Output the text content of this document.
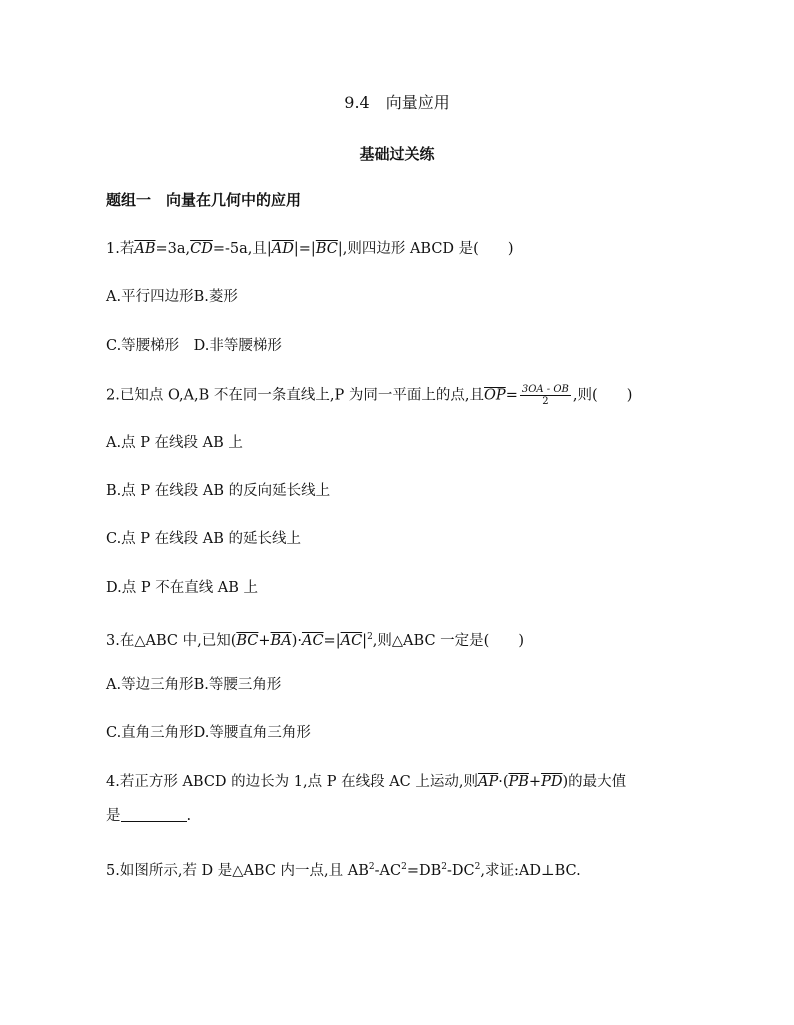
9.4　向量应用
基础过关练
题组一　向量在几何中的应用
1.若$\overline{AB}=3a,\overline{CD}=-5a$,且$|\overline{AD}|=|\overline{BC}|$,则四边形 ABCD 是(　　)
A.平行四边形B.菱形
C.等腰梯形　D.非等腰梯形
2.已知点 O,A,B 不在同一条直线上,P 为同一平面上的点,且$\overline{OP}= \frac{3OA - OB}{2}$ ,则(　　)
A.点 P 在线段 AB 上
B.点 P 在线段 AB 的反向延长线上
C.点 P 在线段 AB 的延长线上
D.点 P 不在直线 AB 上
3.在△ABC 中,已知$(\overline{BC}+\overline{BA})\cdot\overline{AC}=|\overline{AC}|^2$,则△ABC 一定是(　　)
A.等边三角形B.等腰三角形
C.直角三角形D.等腰直角三角形
4.若正方形 ABCD 的边长为 1,点 P 在线段 AC 上运动,则$\overline{AP}\cdot(\overline{PB}+\overline{PD})$的最大值
是	.
5.如图所示,若 D 是△ABC 内一点,且 $AB^2-AC^2=DB^2-DC^2$,求证:AD⊥BC.
